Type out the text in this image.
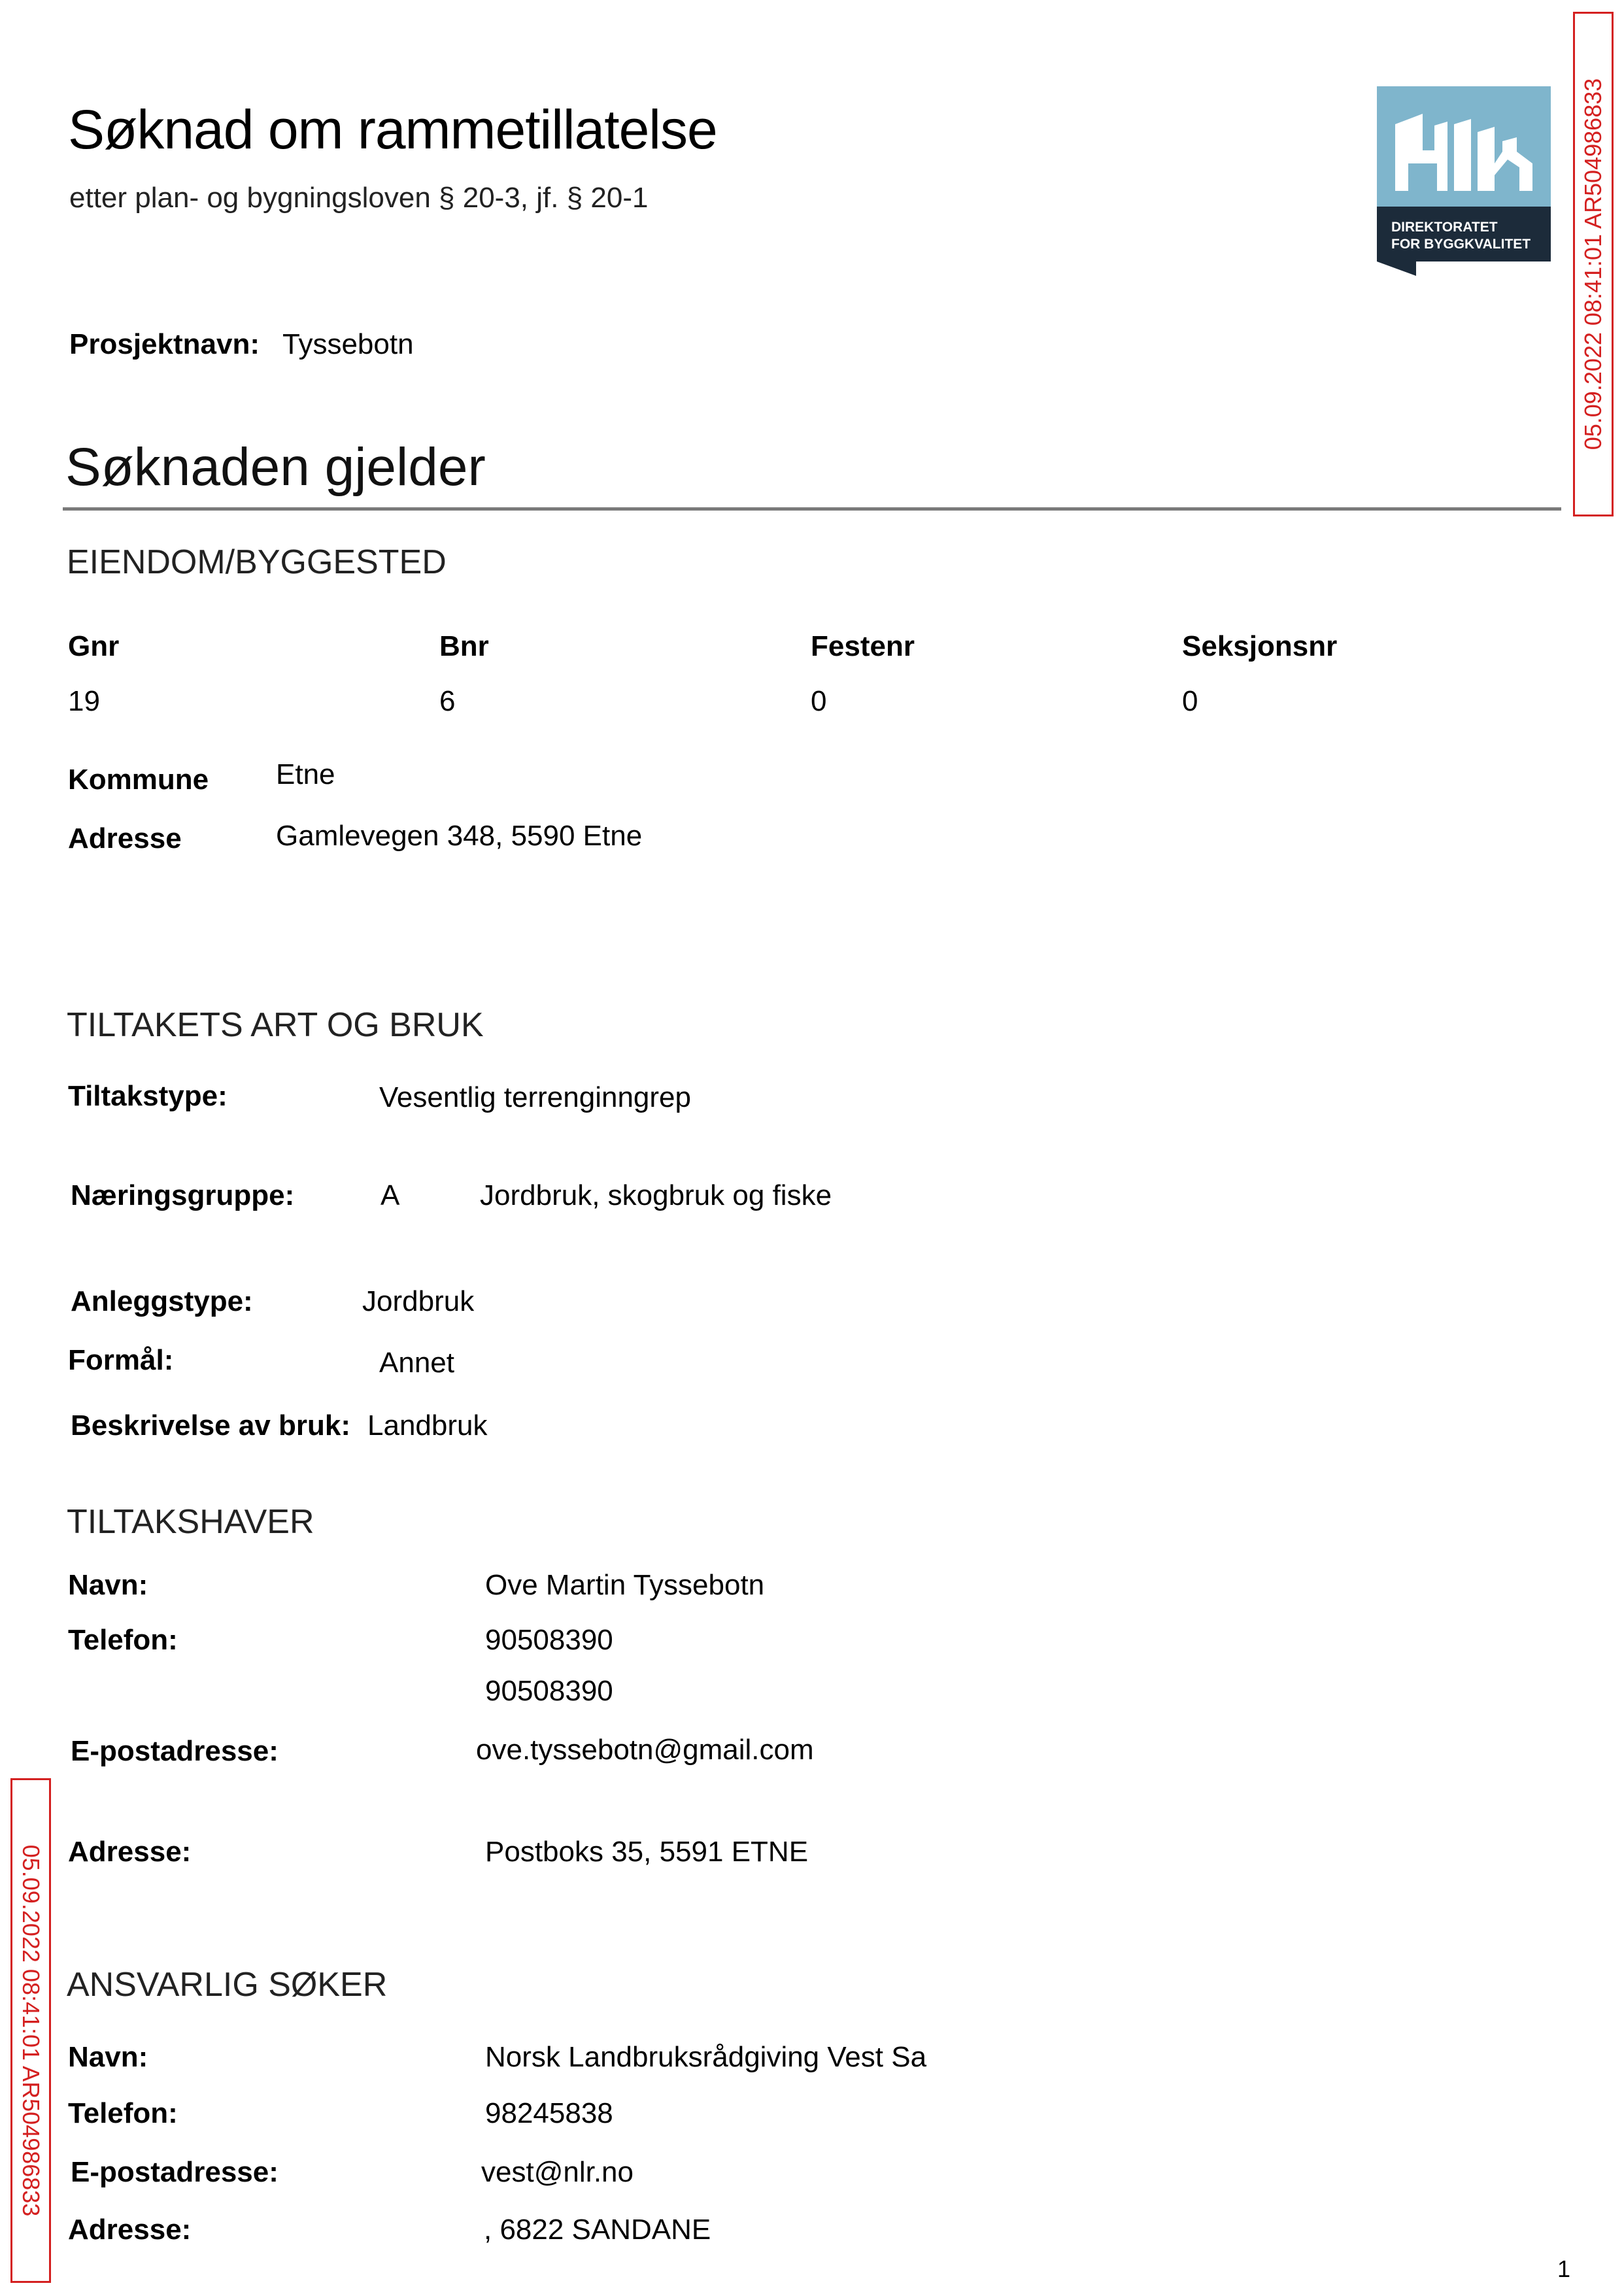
Søknad om rammetillatelse
etter plan- og bygningsloven § 20-3, jf. § 20-1
DIREKTORATET
FOR BYGGKVALITET 05.09.2022 08:41:01 AR504986833
05.09.2022 08:41:01 AR504986833
Prosjektnavn: Tyssebotn
Søknaden gjelder
EIENDOM/BYGGESTED
Gnr	Bnr	Festenr	Seksjonsnr
19	6	0	0
Kommune Etne
Adresse	Gamlevegen 348, 5590 Etne
TILTAKETS ART OG BRUK
Tiltakstype:	Vesentlig terrenginngrep
Næringsgruppe:	A	Jordbruk, skogbruk og fiske
Anleggstype:	Jordbruk
Formål:	Annet
Beskrivelse av bruk: Landbruk
TILTAKSHAVER
Navn:	Ove Martin Tyssebotn
Telefon:	90508390
90508390
E-postadresse:	ove.tyssebotn@gmail.com
Adresse:	Postboks 35, 5591 ETNE
ANSVARLIG SØKER
Navn:	Norsk Landbruksrådgiving Vest Sa
Telefon:	98245838
E-postadresse:	vest@nlr.no
Adresse:	, 6822 SANDANE
1
